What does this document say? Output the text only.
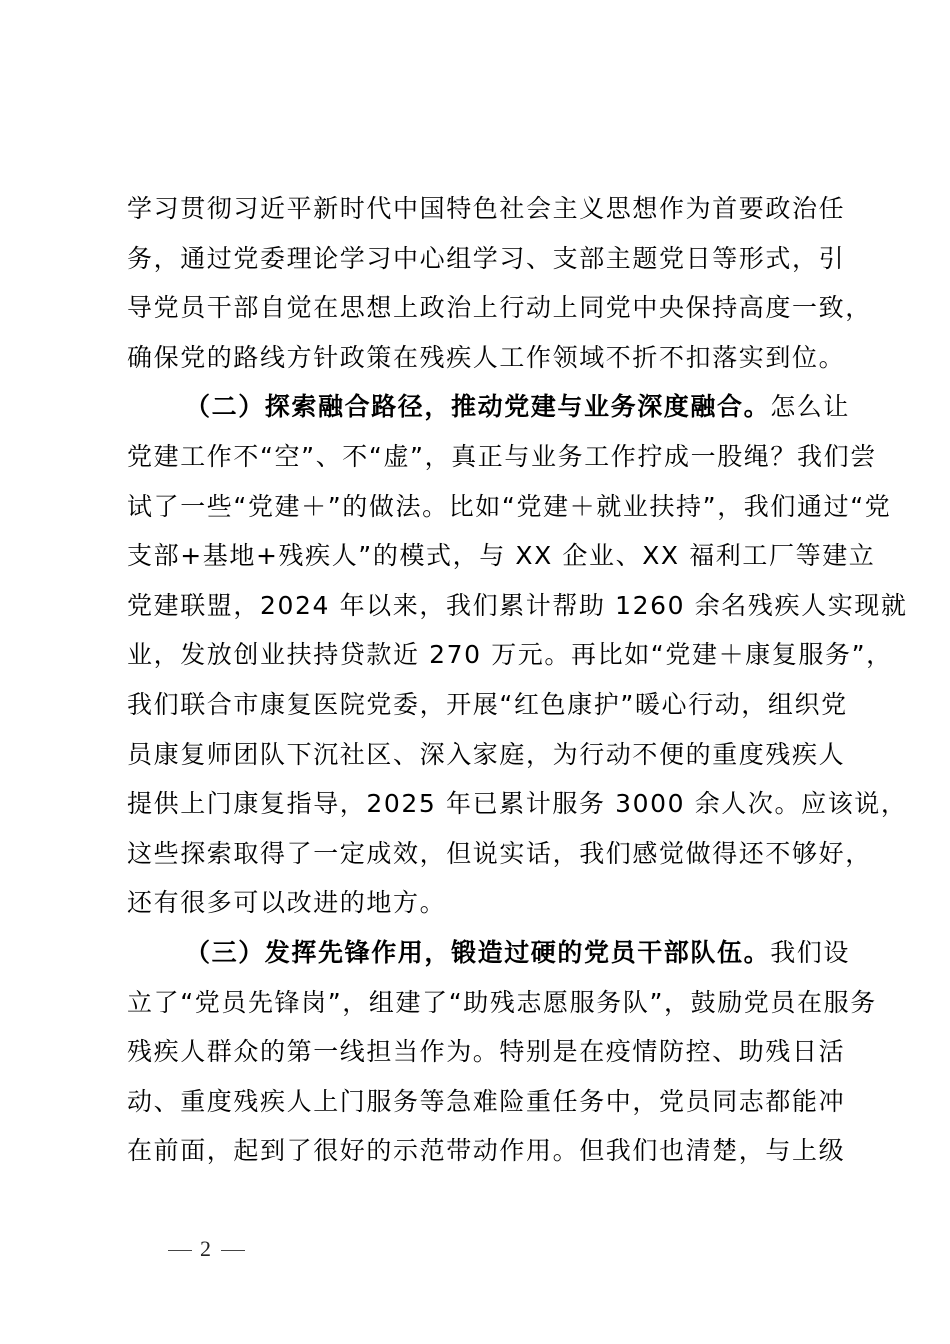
学习贯彻习近平新时代中国特色社会主义思想作为首要政治任
务，通过党委理论学习中心组学习、支部主题党日等形式，引
导党员干部自觉在思想上政治上行动上同党中央保持高度一致，
确保党的路线方针政策在残疾人工作领域不折不扣落实到位。
（二）探索融合路径，推动党建与业务深度融合。怎么让
党建工作不“空”、不“虚”，真正与业务工作拧成一股绳？我们尝
试了一些“党建＋”的做法。比如“党建＋就业扶持”，我们通过“党
支部+基地+残疾人”的模式，与 XX 企业、XX 福利工厂等建立
党建联盟，2024 年以来，我们累计帮助 1260 余名残疾人实现就
业，发放创业扶持贷款近 270 万元。再比如“党建＋康复服务”，
我们联合市康复医院党委，开展“红色康护”暖心行动，组织党
员康复师团队下沉社区、深入家庭，为行动不便的重度残疾人
提供上门康复指导，2025 年已累计服务 3000 余人次。应该说，
这些探索取得了一定成效，但说实话，我们感觉做得还不够好，
还有很多可以改进的地方。
（三）发挥先锋作用，锻造过硬的党员干部队伍。我们设
立了“党员先锋岗”，组建了“助残志愿服务队”，鼓励党员在服务
残疾人群众的第一线担当作为。特别是在疫情防控、助残日活
动、重度残疾人上门服务等急难险重任务中，党员同志都能冲
在前面，起到了很好的示范带动作用。但我们也清楚，与上级
2
